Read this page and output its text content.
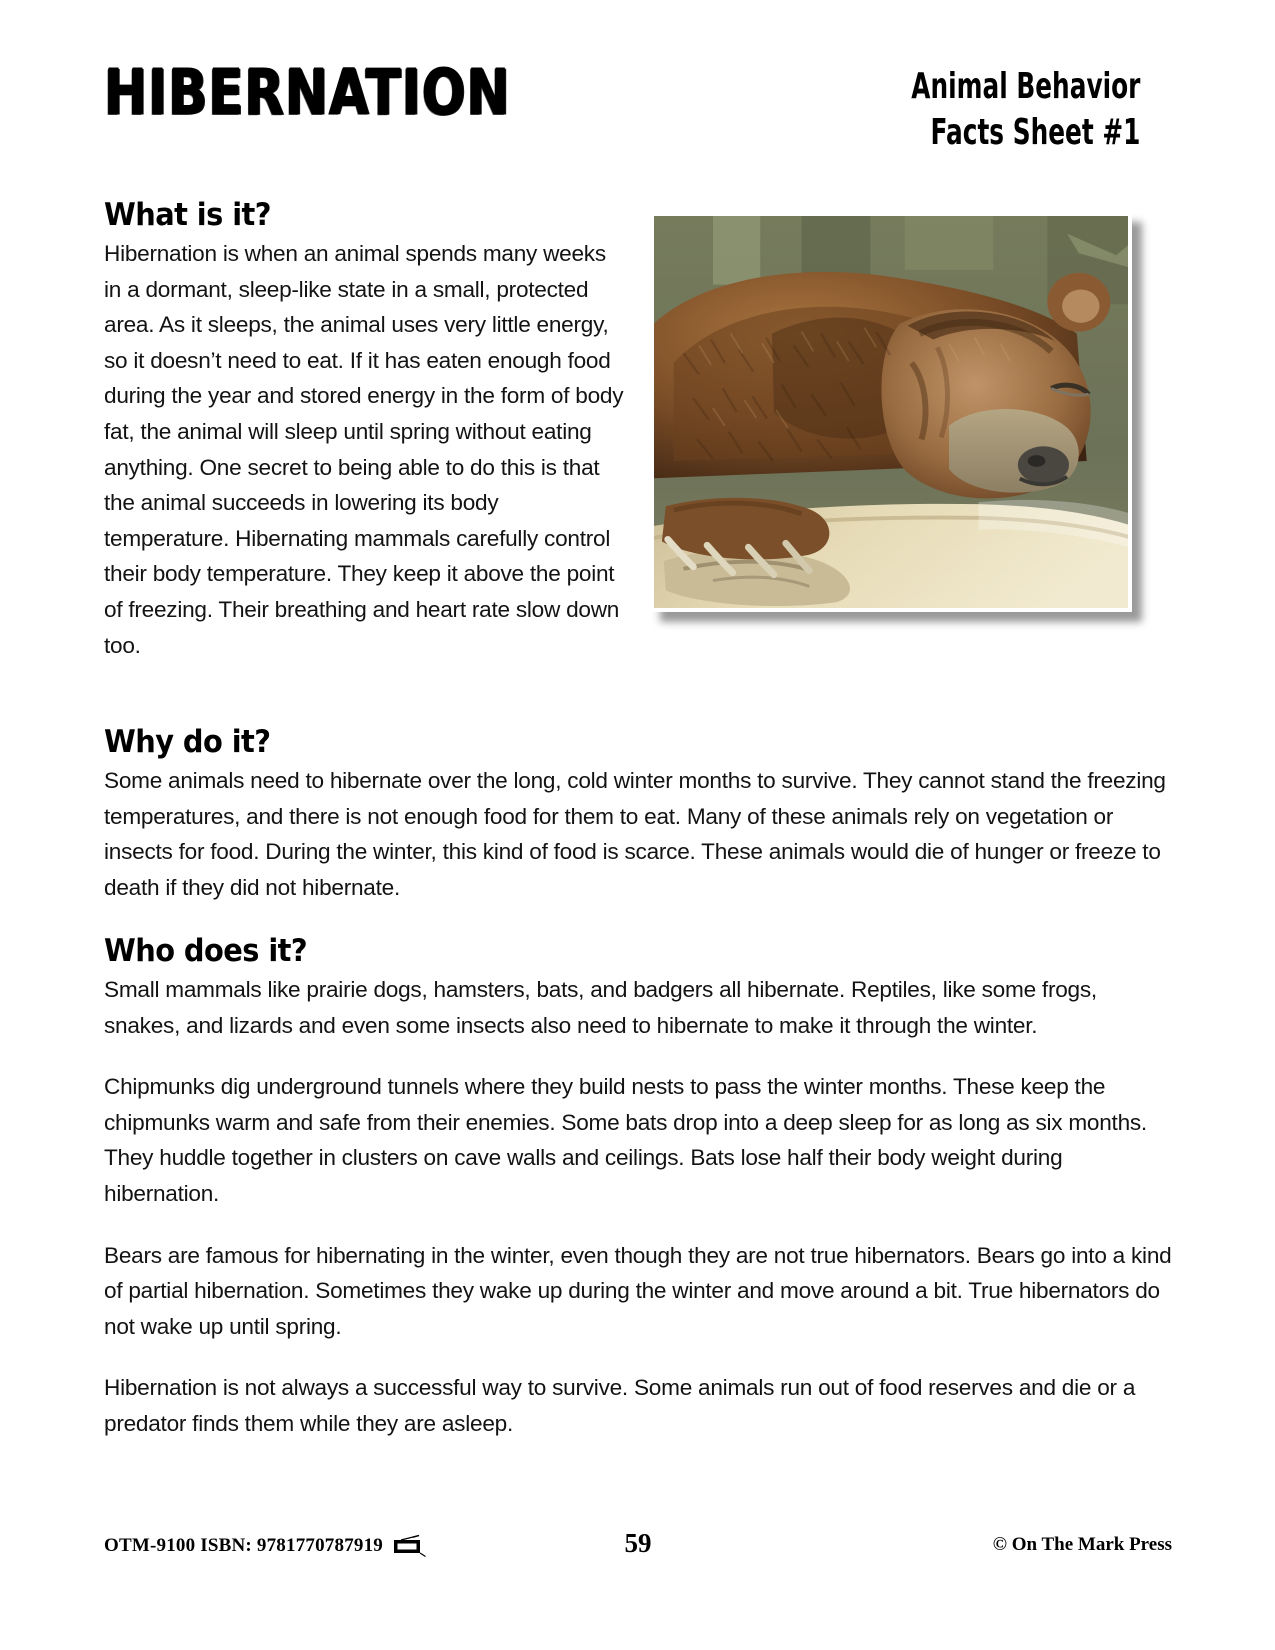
HIBERNATION	Animal Behavior
Facts Sheet #1
What is it?

Hibernation is when an animal spends many weeks in a dormant, sleep-like state in a small, protected area. As it sleeps, the animal uses very little energy, so it doesn’t need to eat. If it has eaten enough food during the year and stored energy in the form of body fat, the animal will sleep until spring without eating anything. One secret to being able to do this is that the animal succeeds in lowering its body temperature. Hibernating mammals carefully control their body temperature. They keep it above the point of freezing. Their breathing and heart rate slow down too.

Why do it?

Some animals need to hibernate over the long, cold winter months to survive. They cannot stand the freezing temperatures, and there is not enough food for them to eat. Many of these animals rely on vegetation or insects for food. During the winter, this kind of food is scarce. These animals would die of hunger or freeze to death if they did not hibernate.

Who does it?

Small mammals like prairie dogs, hamsters, bats, and badgers all hibernate. Reptiles, like some frogs, snakes, and lizards and even some insects also need to hibernate to make it through the winter.

Chipmunks dig underground tunnels where they build nests to pass the winter months. These keep the chipmunks warm and safe from their enemies. Some bats drop into a deep sleep for as long as six months. They huddle together in clusters on cave walls and ceilings. Bats lose half their body weight during hibernation.

Bears are famous for hibernating in the winter, even though they are not true hibernators. Bears go into a kind of partial hibernation. Sometimes they wake up during the winter and move around a bit. True hibernators do not wake up until spring.

Hibernation is not always a successful way to survive. Some animals run out of food reserves and die or a predator finds them while they are asleep.

OTM-9100 ISBN: 9781770787919	59	© On The Mark Press
